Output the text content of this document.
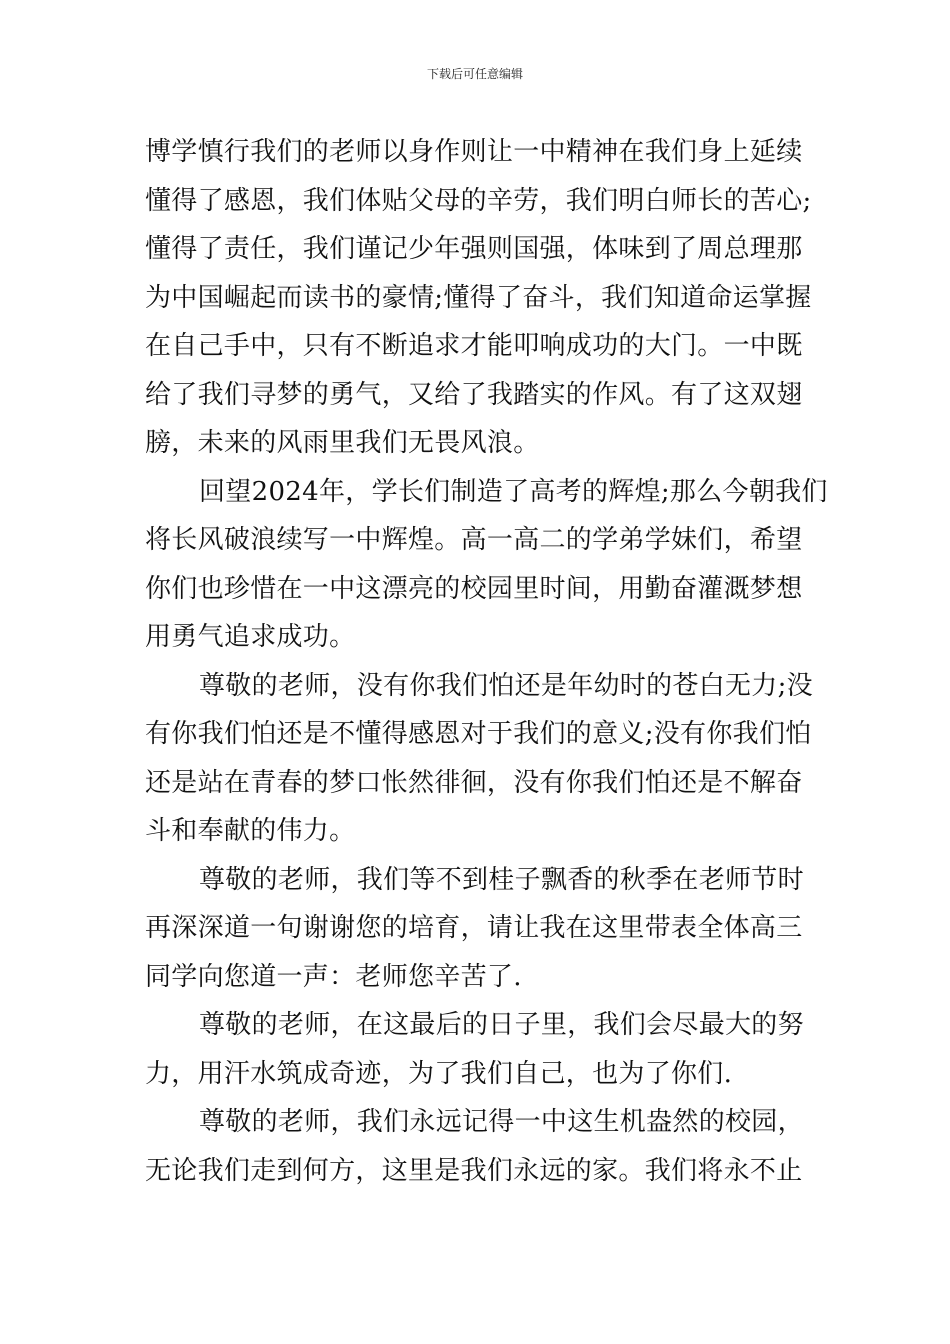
下载后可任意编辑
博学慎行我们的老师以身作则让一中精神在我们身上延续
懂得了感恩，我们体贴父母的辛劳，我们明白师长的苦心;
懂得了责任，我们谨记少年强则国强，体味到了周总理那
为中国崛起而读书的豪情;懂得了奋斗，我们知道命运掌握
在自己手中，只有不断追求才能叩响成功的大门。一中既
给了我们寻梦的勇气，又给了我踏实的作风。有了这双翅
膀，未来的风雨里我们无畏风浪。
回望2024年，学长们制造了高考的辉煌;那么今朝我们
将长风破浪续写一中辉煌。高一高二的学弟学妹们，希望
你们也珍惜在一中这漂亮的校园里时间，用勤奋灌溉梦想
用勇气追求成功。
尊敬的老师，没有你我们怕还是年幼时的苍白无力;没
有你我们怕还是不懂得感恩对于我们的意义;没有你我们怕
还是站在青春的梦口怅然徘徊，没有你我们怕还是不解奋
斗和奉献的伟力。
尊敬的老师，我们等不到桂子飘香的秋季在老师节时
再深深道一句谢谢您的培育，请让我在这里带表全体高三
同学向您道一声：老师您辛苦了.
尊敬的老师，在这最后的日子里，我们会尽最大的努
力，用汗水筑成奇迹，为了我们自己，也为了你们.
尊敬的老师，我们永远记得一中这生机盎然的校园，
无论我们走到何方，这里是我们永远的家。我们将永不止
